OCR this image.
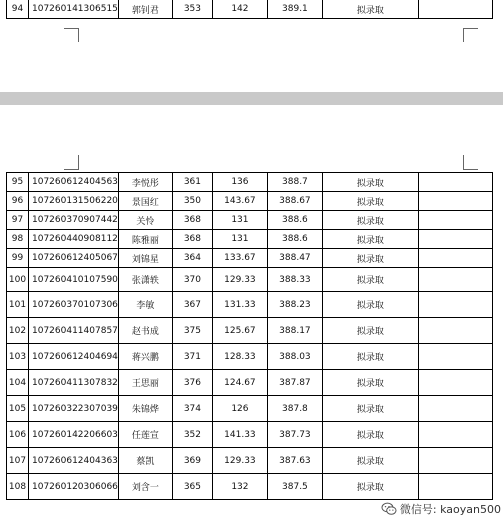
94	107260141306515	郭钊君	353	142	389.1	拟录取	
95	107260612404563	李悦彤	361	136	388.7	拟录取	
96	107260131506220	景国红	350	143.67	388.67	拟录取	
97	107260370907442	关怜	368	131	388.6	拟录取	
98	107260440908112	陈雅丽	368	131	388.6	拟录取	
99	107260612405067	刘锦星	364	133.67	388.47	拟录取	
100	107260410107590	张潇轶	370	129.33	388.33	拟录取	
101	107260370107306	李敏	367	131.33	388.23	拟录取	
102	107260411407857	赵书成	375	125.67	388.17	拟录取	
103	107260612404694	蒋兴鹏	371	128.33	388.03	拟录取	
104	107260411307832	王思丽	376	124.67	387.87	拟录取	
105	107260322307039	朱锦烨	374	126	387.8	拟录取	
106	107260142206603	任莲宣	352	141.33	387.73	拟录取	
107	107260612404363	蔡凯	369	129.33	387.63	拟录取	
108	107260120306066	刘含一	365	132	387.5	拟录取	
微信号: kaoyan500
